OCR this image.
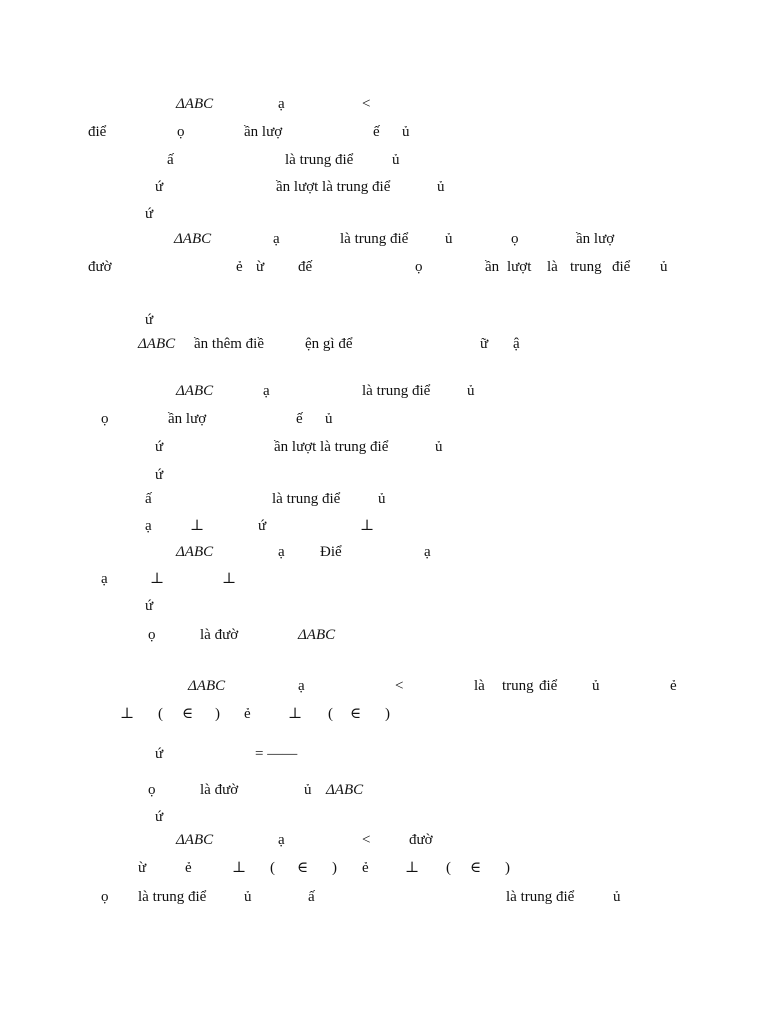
ΔABC	ạ	<
điể	ọ	ần lượ	ế ủ
ấ	là trung điể	ủ
ứ	ần lượt là trung điể	ủ
ứ
ΔABC	ạ	là trung điể ủ	ọ	ần lượ
đườ	ẻ ừ đế	ọ	ần lượt là trung điể ủ
ứ
ΔABC ần thêm điề	ện gì để	ữ ậ
ΔABC	ạ	là trung điể ủ
ọ	ần lượ	ế ủ
ứ	ần lượt là trung điể	ủ
ứ
ấ	là trung điể	ủ
ạ	⊥	ứ	⊥
ΔABC	ạ Điể	ạ
ạ	⊥	⊥
ứ
ọ	là đườ	ΔABC
ΔABC	ạ	<	là trung điể ủ	ẻ
⊥ ( ∈ ) ẻ ⊥ ( ∈ )
ứ	= ——
ọ	là đườ	ủ ΔABC
ứ
ΔABC	ạ	<	đườ
ừ	ẻ	⊥ ( ∈ ) ẻ ⊥ ( ∈ )
ọ là trung điể	ủ	ấ	là trung điể	ủ
